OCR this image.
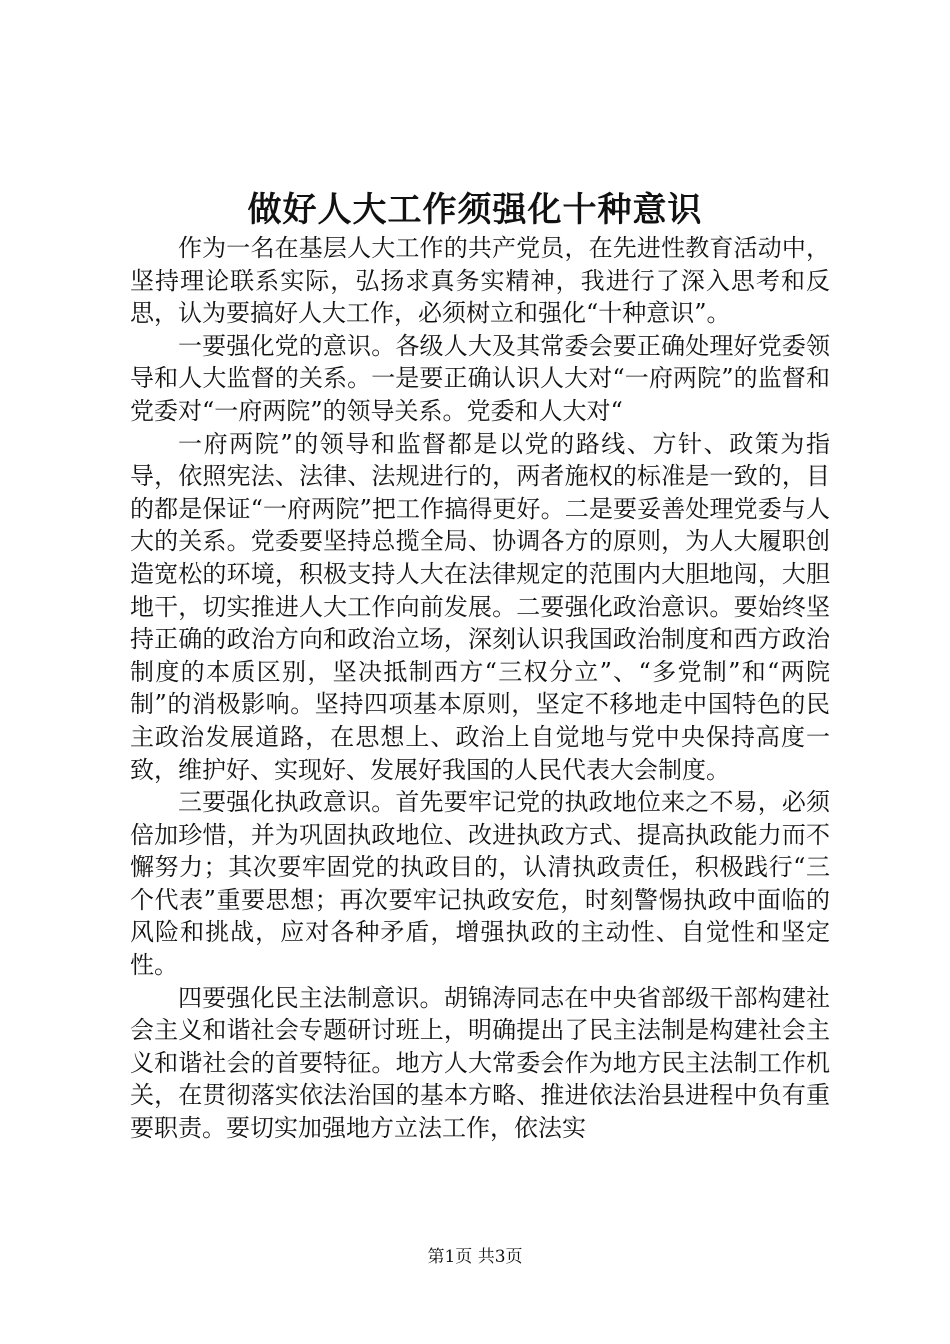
做好人大工作须强化十种意识

作为一名在基层人大工作的共产党员，在先进性教育活动中，坚持理论联系实际，弘扬求真务实精神，我进行了深入思考和反思，认为要搞好人大工作，必须树立和强化“十种意识”。

一要强化党的意识。各级人大及其常委会要正确处理好党委领导和人大监督的关系。一是要正确认识人大对“一府两院”的监督和党委对“一府两院”的领导关系。党委和人大对“

一府两院”的领导和监督都是以党的路线、方针、政策为指导，依照宪法、法律、法规进行的，两者施权的标准是一致的，目的都是保证“一府两院”把工作搞得更好。二是要妥善处理党委与人大的关系。党委要坚持总揽全局、协调各方的原则，为人大履职创造宽松的环境，积极支持人大在法律规定的范围内大胆地闯，大胆地干，切实推进人大工作向前发展。二要强化政治意识。要始终坚持正确的政治方向和政治立场，深刻认识我国政治制度和西方政治制度的本质区别，坚决抵制西方“三权分立”、“多党制”和“两院制”的消极影响。坚持四项基本原则，坚定不移地走中国特色的民主政治发展道路，在思想上、政治上自觉地与党中央保持高度一致，维护好、实现好、发展好我国的人民代表大会制度。

三要强化执政意识。首先要牢记党的执政地位来之不易，必须倍加珍惜，并为巩固执政地位、改进执政方式、提高执政能力而不懈努力；其次要牢固党的执政目的，认清执政责任，积极践行“三个代表”重要思想；再次要牢记执政安危，时刻警惕执政中面临的风险和挑战，应对各种矛盾，增强执政的主动性、自觉性和坚定性。

四要强化民主法制意识。胡锦涛同志在中央省部级干部构建社会主义和谐社会专题研讨班上，明确提出了民主法制是构建社会主义和谐社会的首要特征。地方人大常委会作为地方民主法制工作机关，在贯彻落实依法治国的基本方略、推进依法治县进程中负有重要职责。要切实加强地方立法工作，依法实

第1页 共3页
